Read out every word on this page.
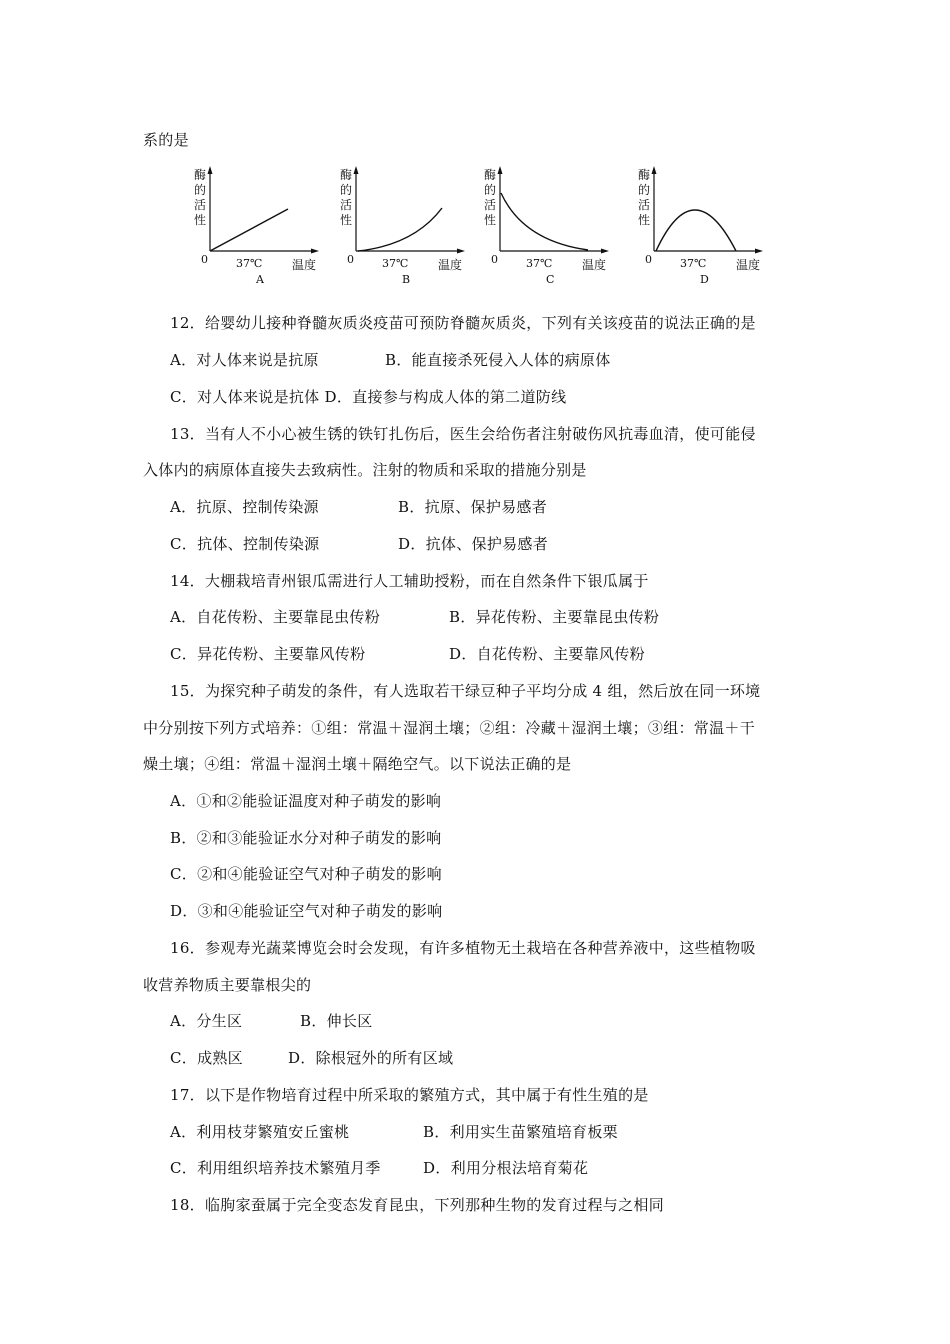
系的是
酶
的
活
性
0	37℃ 温度
A
酶
的
活
性
0	37℃ 温度
B
酶
的
活
性
0	37℃ 温度
C
酶
的
活
性
0	37℃ 温度
D
12．给婴幼儿接种脊髓灰质炎疫苗可预防脊髓灰质炎，下列有关该疫苗的说法正确的是
A．对人体来说是抗原	B．能直接杀死侵入人体的病原体
C．对人体来说是抗体 D．直接参与构成人体的第二道防线
13．当有人不小心被生锈的铁钉扎伤后，医生会给伤者注射破伤风抗毒血清，使可能侵
入体内的病原体直接失去致病性。注射的物质和采取的措施分别是
A．抗原、控制传染源	B．抗原、保护易感者
C．抗体、控制传染源	D．抗体、保护易感者
14．大棚栽培青州银瓜需进行人工辅助授粉，而在自然条件下银瓜属于
A．自花传粉、主要靠昆虫传粉	B．异花传粉、主要靠昆虫传粉
C．异花传粉、主要靠风传粉	D．自花传粉、主要靠风传粉
15．为探究种子萌发的条件，有人选取若干绿豆种子平均分成 4 组，然后放在同一环境
中分别按下列方式培养：①组：常温＋湿润土壤；②组：冷藏＋湿润土壤；③组：常温＋干
燥土壤；④组：常温＋湿润土壤＋隔绝空气。以下说法正确的是
A．①和②能验证温度对种子萌发的影响
B．②和③能验证水分对种子萌发的影响
C．②和④能验证空气对种子萌发的影响
D．③和④能验证空气对种子萌发的影响
16．参观寿光蔬菜博览会时会发现，有许多植物无土栽培在各种营养液中，这些植物吸
收营养物质主要靠根尖的
A．分生区	B．伸长区
C．成熟区	D．除根冠外的所有区域
17．以下是作物培育过程中所采取的繁殖方式，其中属于有性生殖的是
A．利用枝芽繁殖安丘蜜桃	B．利用实生苗繁殖培育板栗
C．利用组织培养技术繁殖月季	D．利用分根法培育菊花
18．临朐家蚕属于完全变态发育昆虫，下列那种生物的发育过程与之相同
